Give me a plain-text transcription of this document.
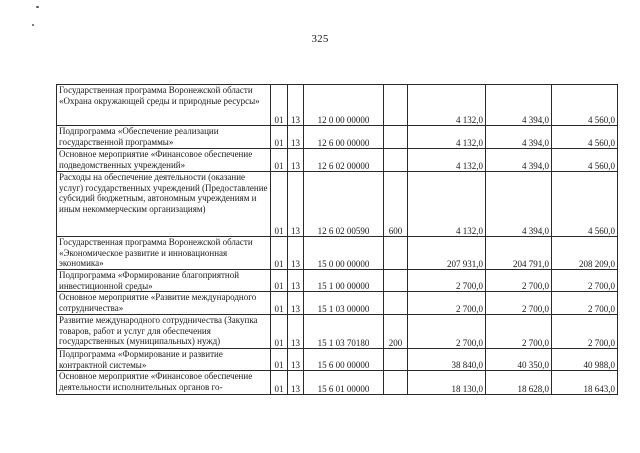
325
Государственная программа Воронежской области «Охрана окружающей среды и природные ресурсы»	01	13	12 0 00 00000		4 132,0	4 394,0	4 560,0
Подпрограмма «Обеспечение реализации государственной программы»	01	13	12 6 00 00000		4 132,0	4 394,0	4 560,0
Основное мероприятие «Финансовое обеспечение подведомственных учреждений»	01	13	12 6 02 00000		4 132,0	4 394,0	4 560,0
Расходы на обеспечение деятельности (оказание услуг) государственных учреждений (Предоставление субсидий бюджетным, автономным учреждениям и иным некоммерческим организациям)	01	13	12 6 02 00590	600	4 132,0	4 394,0	4 560,0
Государственная программа Воронежской области «Экономическое развитие и инновационная экономика»	01	13	15 0 00 00000		207 931,0	204 791,0	208 209,0
Подпрограмма «Формирование благоприятной инвестиционной среды»	01	13	15 1 00 00000		2 700,0	2 700,0	2 700,0
Основное мероприятие «Развитие международного сотрудничества»	01	13	15 1 03 00000		2 700,0	2 700,0	2 700,0
Развитие международного сотрудничества (Закупка товаров, работ и услуг для обеспечения государственных (муниципальных) нужд)	01	13	15 1 03 70180	200	2 700,0	2 700,0	2 700,0
Подпрограмма «Формирование и развитие контрактной системы»	01	13	15 6 00 00000		38 840,0	40 350,0	40 988,0
Основное мероприятие «Финансовое обеспечение деятельности исполнительных органов го-	01	13	15 6 01 00000		18 130,0	18 628,0	18 643,0
